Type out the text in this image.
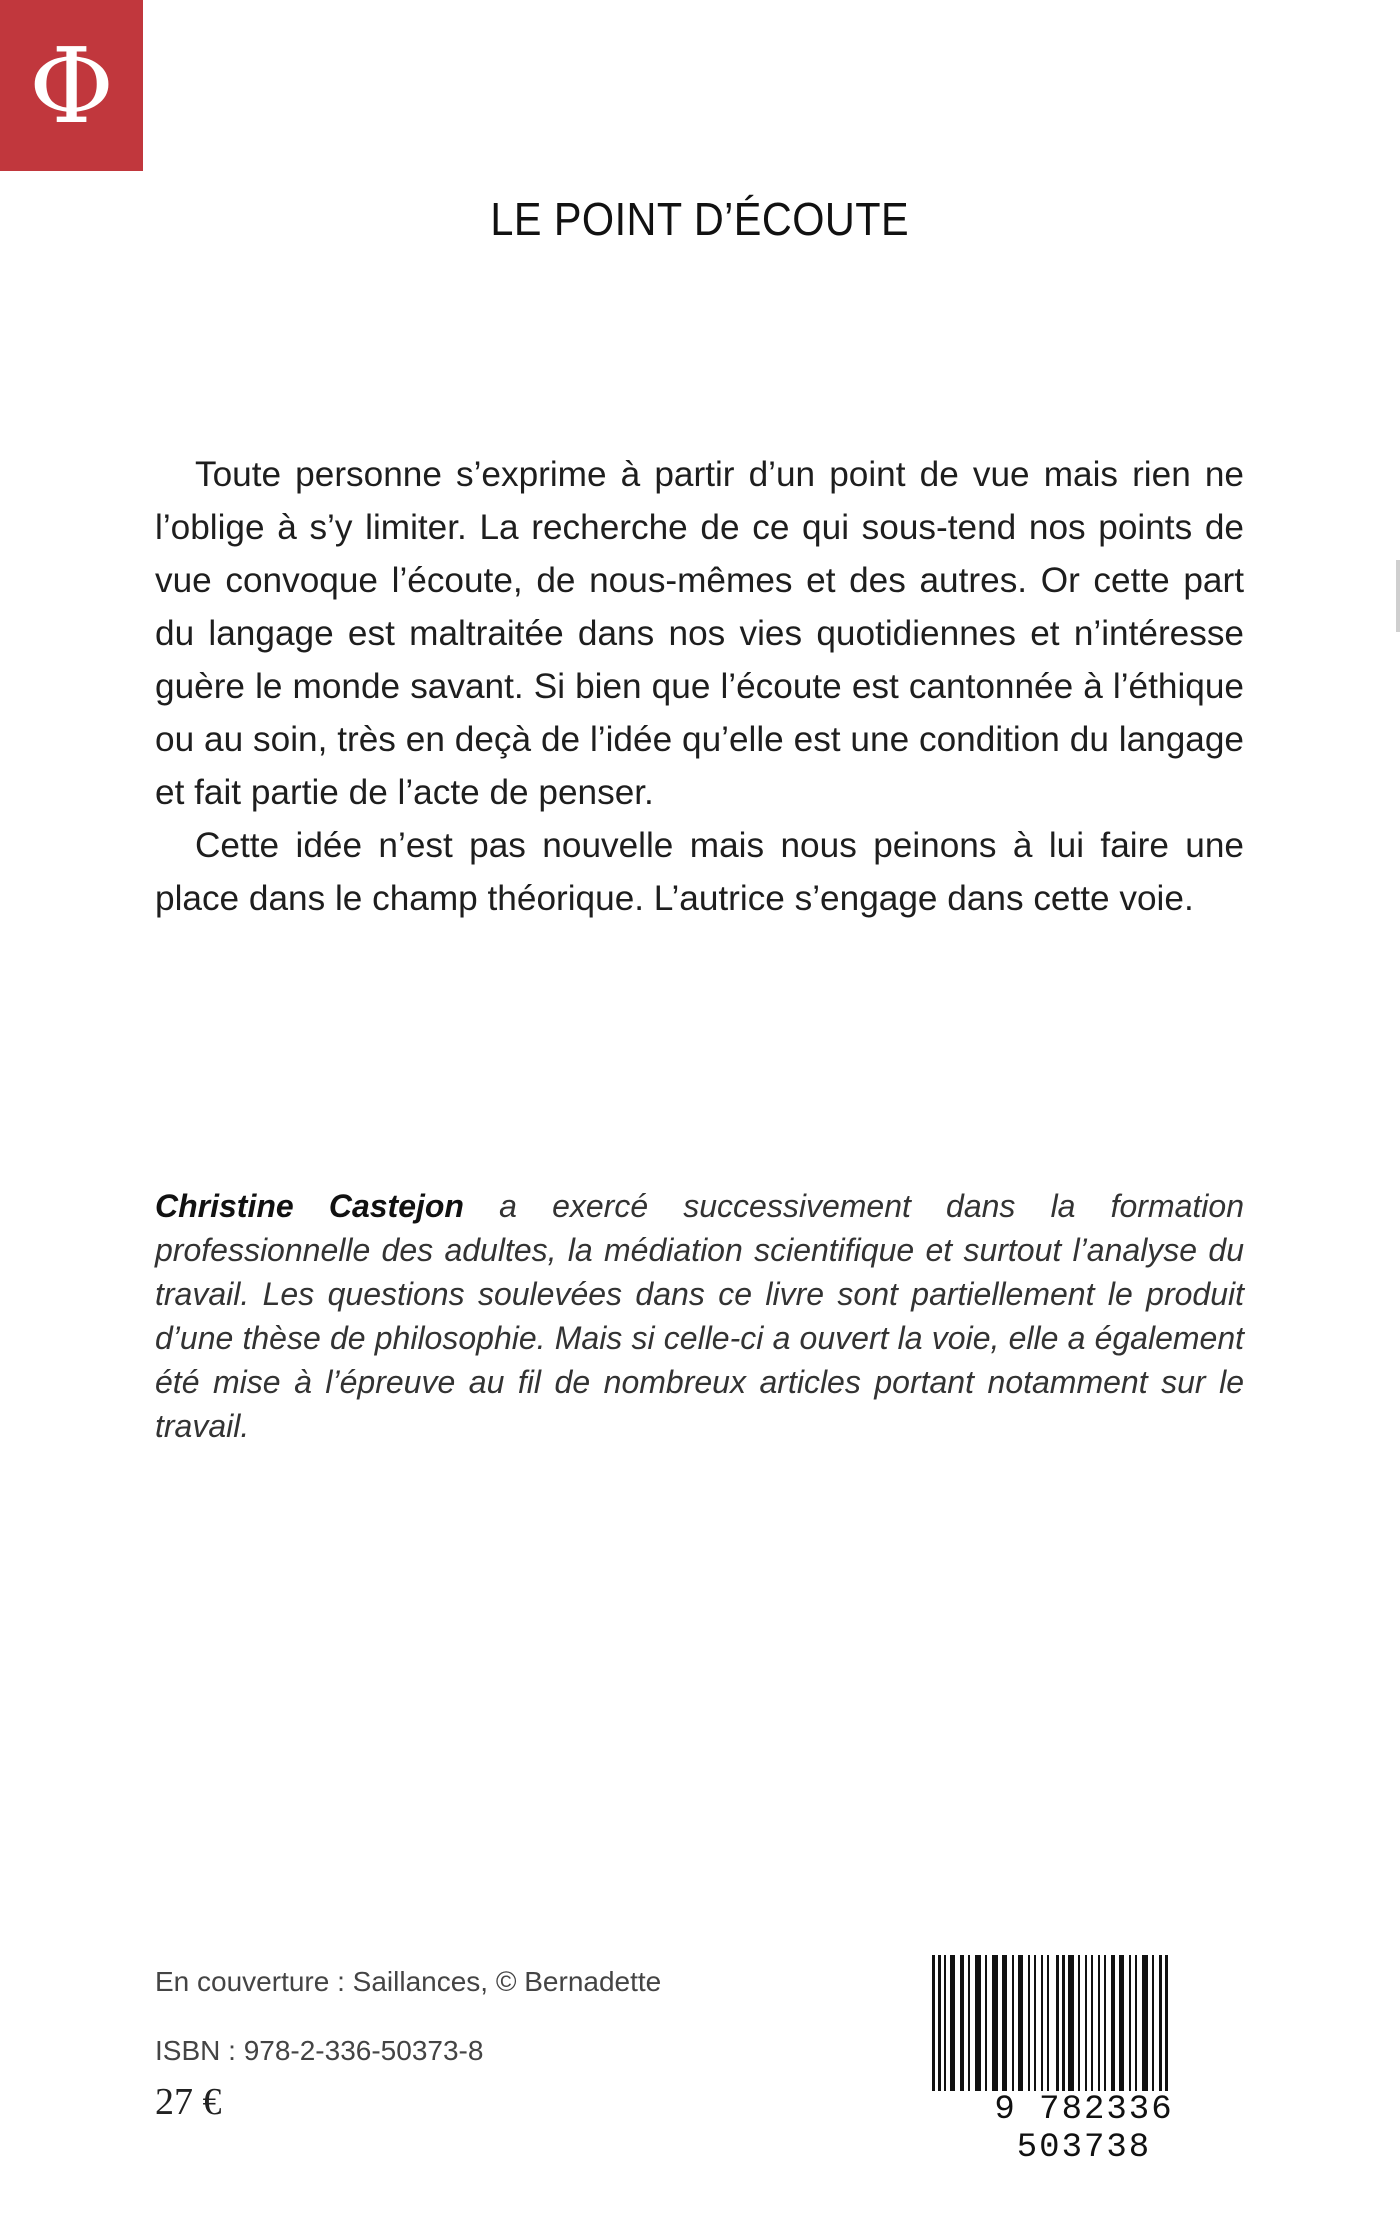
Φ
LE POINT D’ÉCOUTE

Toute personne s’exprime à partir d’un point de vue mais rien ne l’oblige à s’y limiter. La recherche de ce qui sous-tend nos points de vue convoque l’écoute, de nous-mêmes et des autres. Or cette part du langage est maltraitée dans nos vies quotidiennes et n’intéresse guère le monde savant. Si bien que l’écoute est cantonnée à l’éthique ou au soin, très en deçà de l’idée qu’elle est une condition du langage et fait partie de l’acte de penser.

Cette idée n’est pas nouvelle mais nous peinons à lui faire une place dans le champ théorique. L’autrice s’engage dans cette voie.

Christine Castejon a exercé successivement dans la formation professionnelle des adultes, la médiation scientifique et surtout l’analyse du travail. Les questions soulevées dans ce livre sont partiellement le produit d’une thèse de philosophie. Mais si celle-ci a ouvert la voie, elle a également été mise à l’épreuve au fil de nombreux articles portant notamment sur le travail.

En couverture : Saillances, © Bernadette
ISBN : 978-2-336-50373-8
27 €	9 782336 503738
